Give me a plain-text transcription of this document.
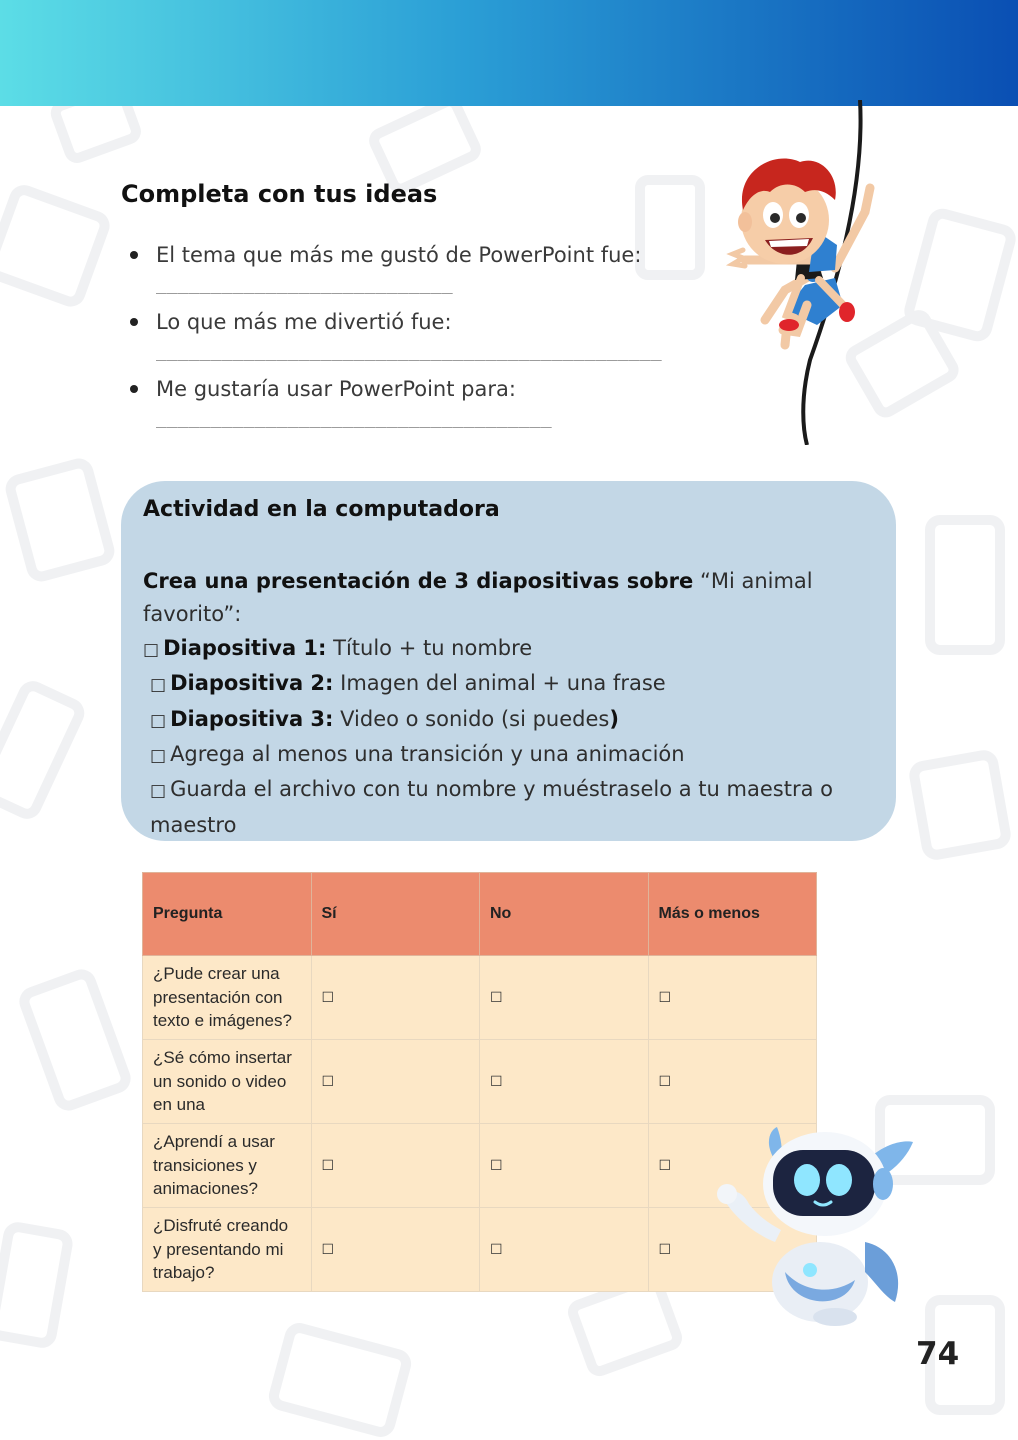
Completa con tus ideas
El tema que más me gustó de PowerPoint fue:
___________________________
Lo que más me divertió fue:
______________________________________________
Me gustaría usar PowerPoint para:
____________________________________
Actividad en la computadora
Crea una presentación de 3 diapositivas sobre “Mi animal favorito”:
□ Diapositiva 1: Título + tu nombre
□ Diapositiva 2: Imagen del animal + una frase
□ Diapositiva 3: Video o sonido (si puedes)
□ Agrega al menos una transición y una animación
□ Guarda el archivo con tu nombre y muéstraselo a tu maestra o maestro
Pregunta	Sí	No	Más o menos
¿Pude crear una presentación con texto e imágenes?	☐	☐	☐
¿Sé cómo insertar un sonido o video en una	☐	☐	☐
¿Aprendí a usar transiciones y animaciones?	☐	☐	☐
¿Disfruté creando y presentando mi trabajo?	☐	☐	☐
74
